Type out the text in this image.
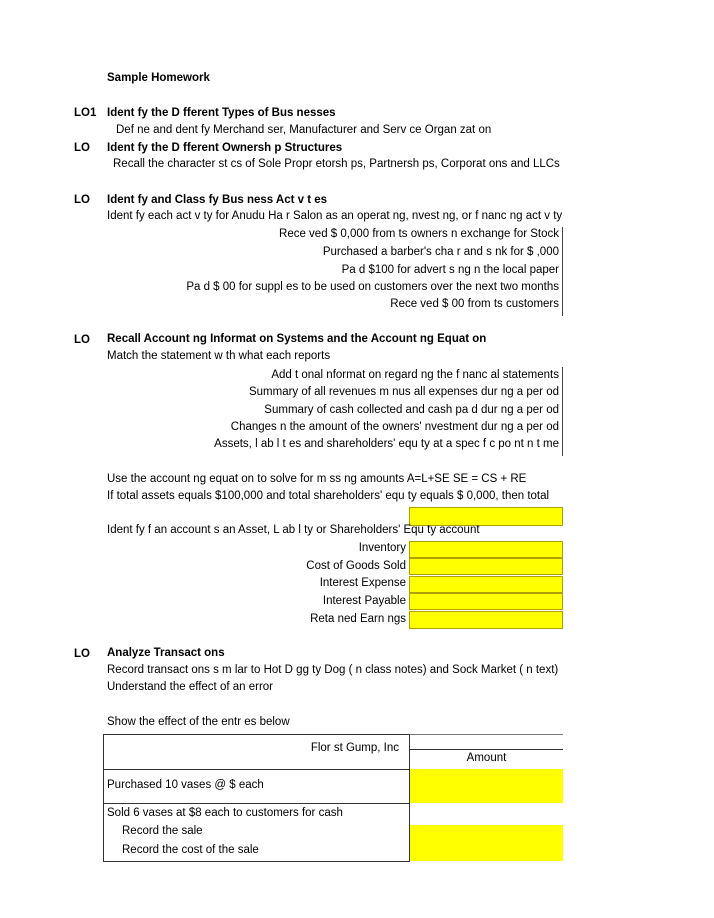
Sample Homework
LO1 Ident fy the D fferent Types of Bus nesses
Def ne and dent fy Merchand ser, Manufacturer and Serv ce Organ zat on
LO Ident fy the D fferent Ownersh p Structures
Recall the character st cs of Sole Propr etorsh ps, Partnersh ps, Corporat ons and LLCs
LO Ident fy and Class fy Bus ness Act v t es
Ident fy each act v ty for Anudu Ha r Salon as an operat ng, nvest ng, or f nanc ng act v ty
Rece ved $ 0,000 from ts owners n exchange for Stock
Purchased a barber's cha r and s nk for $ ,000
Pa d $100 for advert s ng n the local paper
Pa d $ 00 for suppl es to be used on customers over the next two months
Rece ved $ 00 from ts customers
LO Recall Account ng Informat on Systems and the Account ng Equat on
Match the statement w th what each reports
Add t onal nformat on regard ng the f nanc al statements
Summary of all revenues m nus all expenses dur ng a per od
Summary of cash collected and cash pa d dur ng a per od
Changes n the amount of the owners' nvestment dur ng a per od
Assets, l ab l t es and shareholders' equ ty at a spec f c po nt n t me
Use the account ng equat on to solve for m ss ng amounts A=L+SE SE = CS + RE
If total assets equals $100,000 and total shareholders' equ ty equals $ 0,000, then total
Ident fy f an account s an Asset, L ab l ty or Shareholders' Equ ty account
Inventory
Cost of Goods Sold
Interest Expense
Interest Payable
Reta ned Earn ngs
LO Analyze Transact ons
Record transact ons s m lar to Hot D gg ty Dog ( n class notes) and Sock Market ( n text)
Understand the effect of an error
Show the effect of the entr es below
Flor st Gump, Inc
Amount
Purchased 10 vases @ $ each
Sold 6 vases at $8 each to customers for cash
Record the sale
Record the cost of the sale
